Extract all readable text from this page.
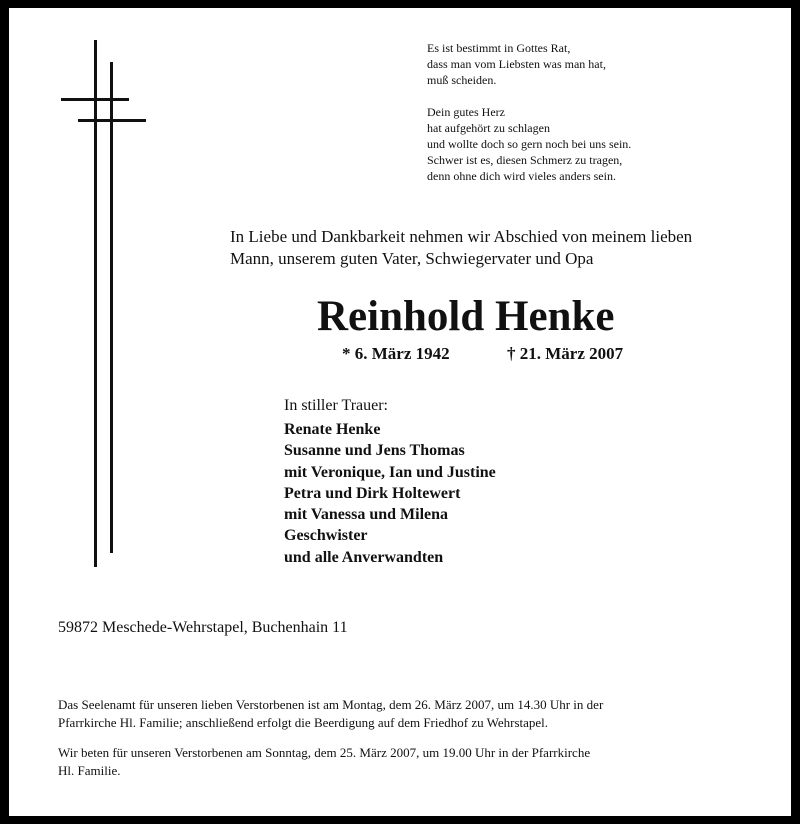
Es ist bestimmt in Gottes Rat,
dass man vom Liebsten was man hat,
muß scheiden.
Dein gutes Herz
hat aufgehört zu schlagen
und wollte doch so gern noch bei uns sein.
Schwer ist es, diesen Schmerz zu tragen,
denn ohne dich wird vieles anders sein.
In Liebe und Dankbarkeit nehmen wir Abschied von meinem lieben
Mann, unserem guten Vater, Schwiegervater und Opa
Reinhold Henke
* 6. März 1942	† 21. März 2007
In stiller Trauer:
Renate Henke
Susanne und Jens Thomas
mit Veronique, Ian und Justine
Petra und Dirk Holtewert
mit Vanessa und Milena
Geschwister
und alle Anverwandten
59872 Meschede-Wehrstapel, Buchenhain 11
Das Seelenamt für unseren lieben Verstorbenen ist am Montag, dem 26. März 2007, um 14.30 Uhr in der
Pfarrkirche Hl. Familie; anschließend erfolgt die Beerdigung auf dem Friedhof zu Wehrstapel.
Wir beten für unseren Verstorbenen am Sonntag, dem 25. März 2007, um 19.00 Uhr in der Pfarrkirche
Hl. Familie.
